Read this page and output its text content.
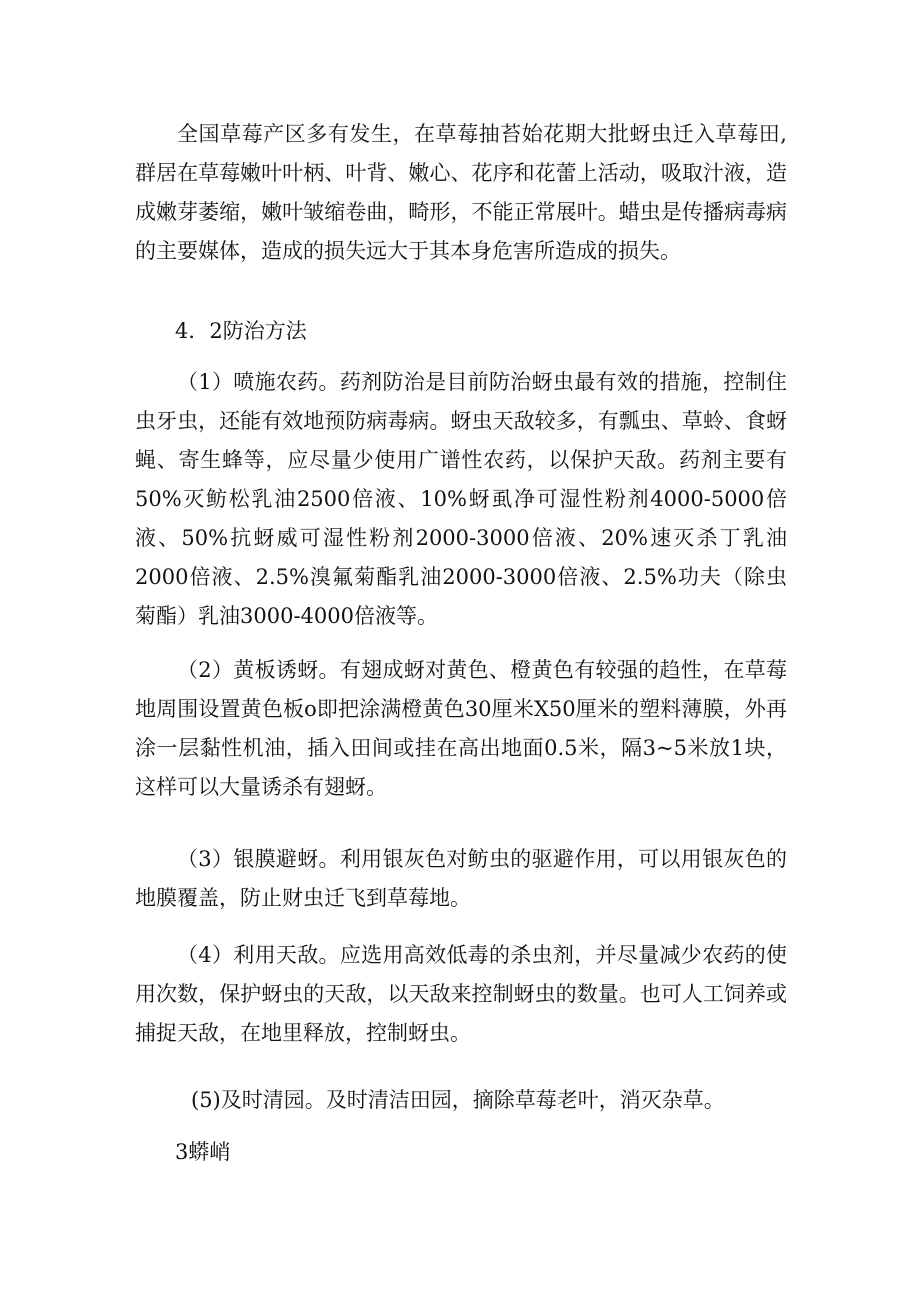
全国草莓产区多有发生，在草莓抽苔始花期大批蚜虫迁入草莓田,群居在草莓嫩叶叶柄、叶背、嫩心、花序和花蕾上活动，吸取汁液，造成嫩芽萎缩，嫩叶皱缩卷曲，畸形，不能正常展叶。蜡虫是传播病毒病的主要媒体，造成的损失远大于其本身危害所造成的损失。

4．2防治方法

（1）喷施农药。药剂防治是目前防治蚜虫最有效的措施，控制住虫牙虫，还能有效地预防病毒病。蚜虫天敌较多，有瓢虫、草蛉、食蚜蝇、寄生蜂等，应尽量少使用广谱性农药，以保护天敌。药剂主要有50%灭鲂松乳油2500倍液、10%蚜虱净可湿性粉剂4000-5000倍液、50%抗蚜威可湿性粉剂2000-3000倍液、20%速灭杀丁乳油2000倍液、2.5%溴氟菊酯乳油2000-3000倍液、2.5%功夫（除虫菊酯）乳油3000-4000倍液等。

（2）黄板诱蚜。有翅成蚜对黄色、橙黄色有较强的趋性，在草莓地周围设置黄色板o即把涂满橙黄色30厘米X50厘米的塑料薄膜，外再涂一层黏性机油，插入田间或挂在高出地面0.5米，隔3~5米放1块，这样可以大量诱杀有翅蚜。

（3）银膜避蚜。利用银灰色对鲂虫的驱避作用，可以用银灰色的地膜覆盖，防止财虫迁飞到草莓地。

（4）利用天敌。应选用高效低毒的杀虫剂，并尽量减少农药的使用次数，保护蚜虫的天敌，以天敌来控制蚜虫的数量。也可人工饲养或捕捉天敌，在地里释放，控制蚜虫。

(5)及时清园。及时清洁田园，摘除草莓老叶，消灭杂草。

3蟒峭
